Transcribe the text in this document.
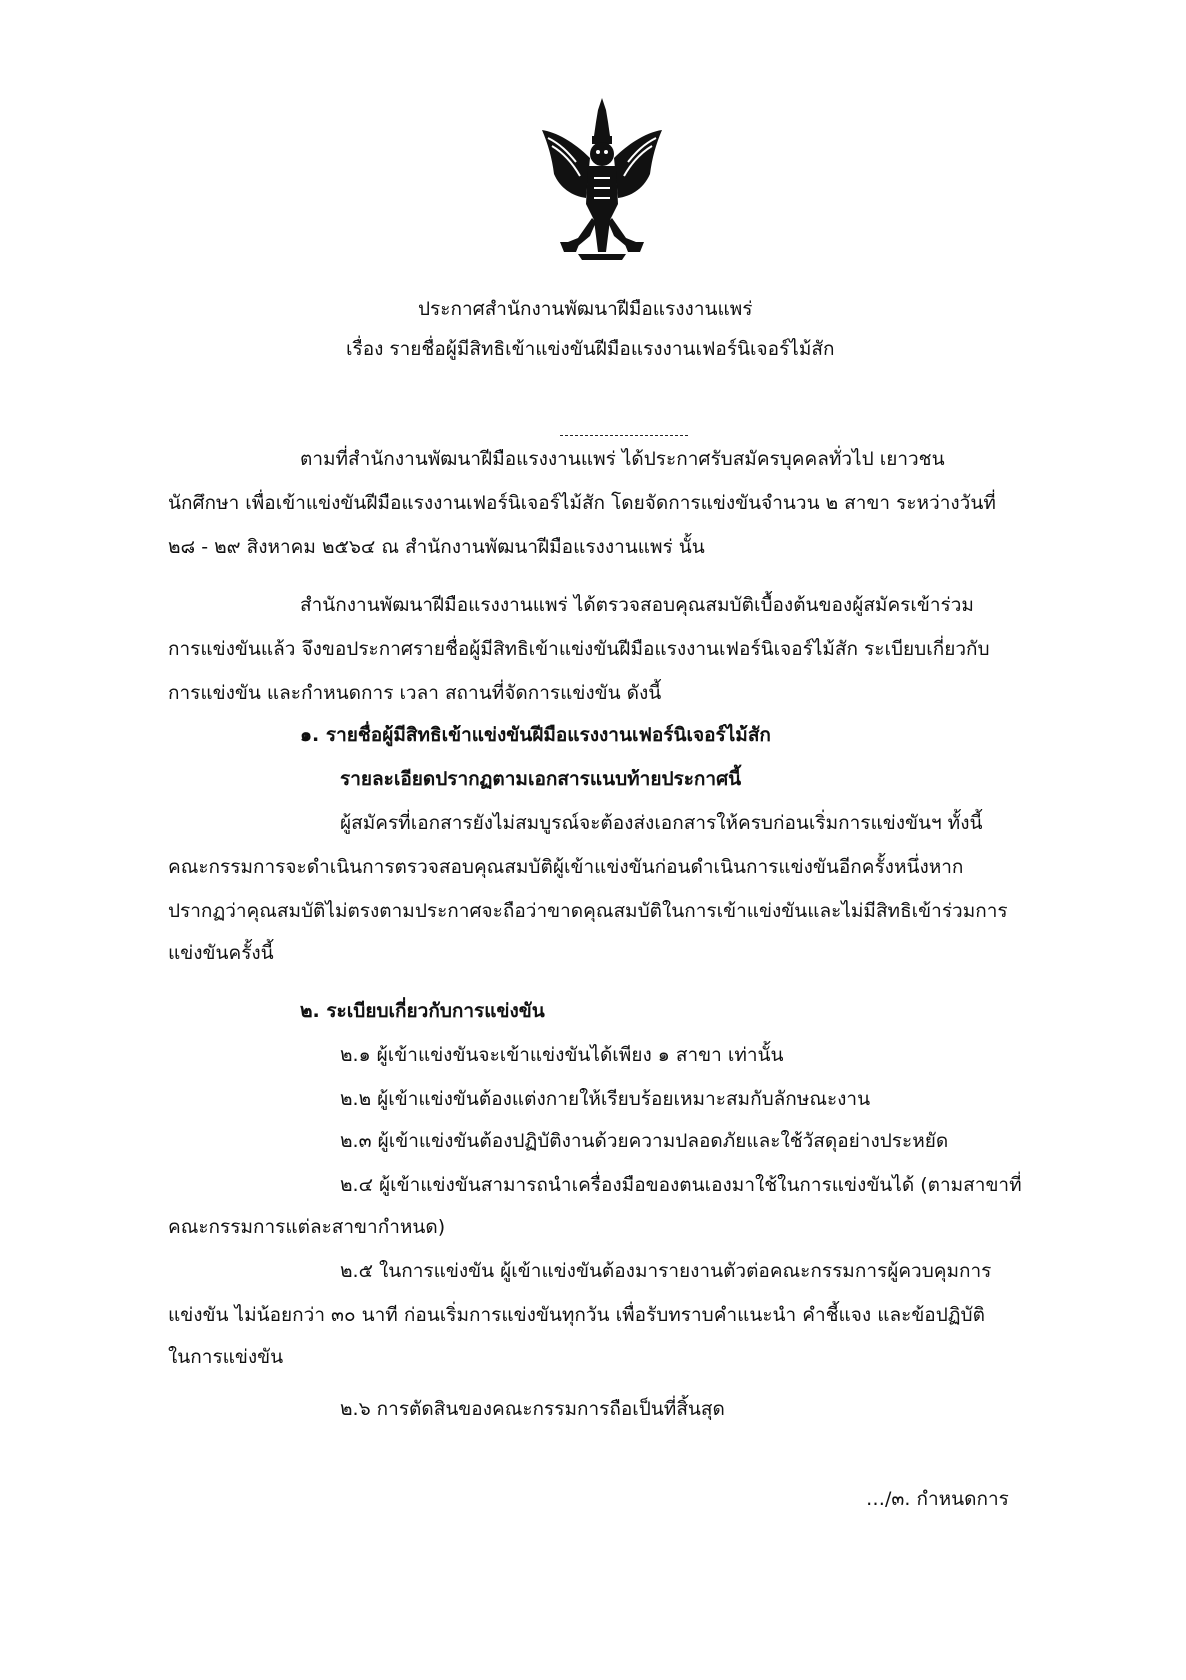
ประกาศสำนักงานพัฒนาฝีมือแรงงานแพร่
เรื่อง รายชื่อผู้มีสิทธิเข้าแข่งขันฝีมือแรงงานเฟอร์นิเจอร์ไม้สัก
ตามที่สำนักงานพัฒนาฝีมือแรงงานแพร่ ได้ประกาศรับสมัครบุคคลทั่วไป เยาวชน
นักศึกษา เพื่อเข้าแข่งขันฝีมือแรงงานเฟอร์นิเจอร์ไม้สัก โดยจัดการแข่งขันจำนวน ๒ สาขา ระหว่างวันที่
๒๘ - ๒๙ สิงหาคม ๒๕๖๔ ณ สำนักงานพัฒนาฝีมือแรงงานแพร่ นั้น
สำนักงานพัฒนาฝีมือแรงงานแพร่ ได้ตรวจสอบคุณสมบัติเบื้องต้นของผู้สมัครเข้าร่วม
การแข่งขันแล้ว จึงขอประกาศรายชื่อผู้มีสิทธิเข้าแข่งขันฝีมือแรงงานเฟอร์นิเจอร์ไม้สัก ระเบียบเกี่ยวกับ
การแข่งขัน และกำหนดการ เวลา สถานที่จัดการแข่งขัน ดังนี้
๑. รายชื่อผู้มีสิทธิเข้าแข่งขันฝีมือแรงงานเฟอร์นิเจอร์ไม้สัก
รายละเอียดปรากฏตามเอกสารแนบท้ายประกาศนี้
ผู้สมัครที่เอกสารยังไม่สมบูรณ์จะต้องส่งเอกสารให้ครบก่อนเริ่มการแข่งขันฯ ทั้งนี้
คณะกรรมการจะดำเนินการตรวจสอบคุณสมบัติผู้เข้าแข่งขันก่อนดำเนินการแข่งขันอีกครั้งหนึ่งหาก
ปรากฏว่าคุณสมบัติไม่ตรงตามประกาศจะถือว่าขาดคุณสมบัติในการเข้าแข่งขันและไม่มีสิทธิเข้าร่วมการ
แข่งขันครั้งนี้
๒. ระเบียบเกี่ยวกับการแข่งขัน
๒.๑ ผู้เข้าแข่งขันจะเข้าแข่งขันได้เพียง ๑ สาขา เท่านั้น
๒.๒ ผู้เข้าแข่งขันต้องแต่งกายให้เรียบร้อยเหมาะสมกับลักษณะงาน
๒.๓ ผู้เข้าแข่งขันต้องปฏิบัติงานด้วยความปลอดภัยและใช้วัสดุอย่างประหยัด
๒.๔ ผู้เข้าแข่งขันสามารถนำเครื่องมือของตนเองมาใช้ในการแข่งขันได้ (ตามสาขาที่
คณะกรรมการแต่ละสาขากำหนด)
๒.๕ ในการแข่งขัน ผู้เข้าแข่งขันต้องมารายงานตัวต่อคณะกรรมการผู้ควบคุมการ
แข่งขัน ไม่น้อยกว่า ๓๐ นาที ก่อนเริ่มการแข่งขันทุกวัน เพื่อรับทราบคำแนะนำ คำชี้แจง และข้อปฏิบัติ
ในการแข่งขัน
๒.๖ การตัดสินของคณะกรรมการถือเป็นที่สิ้นสุด
…/๓. กำหนดการ
